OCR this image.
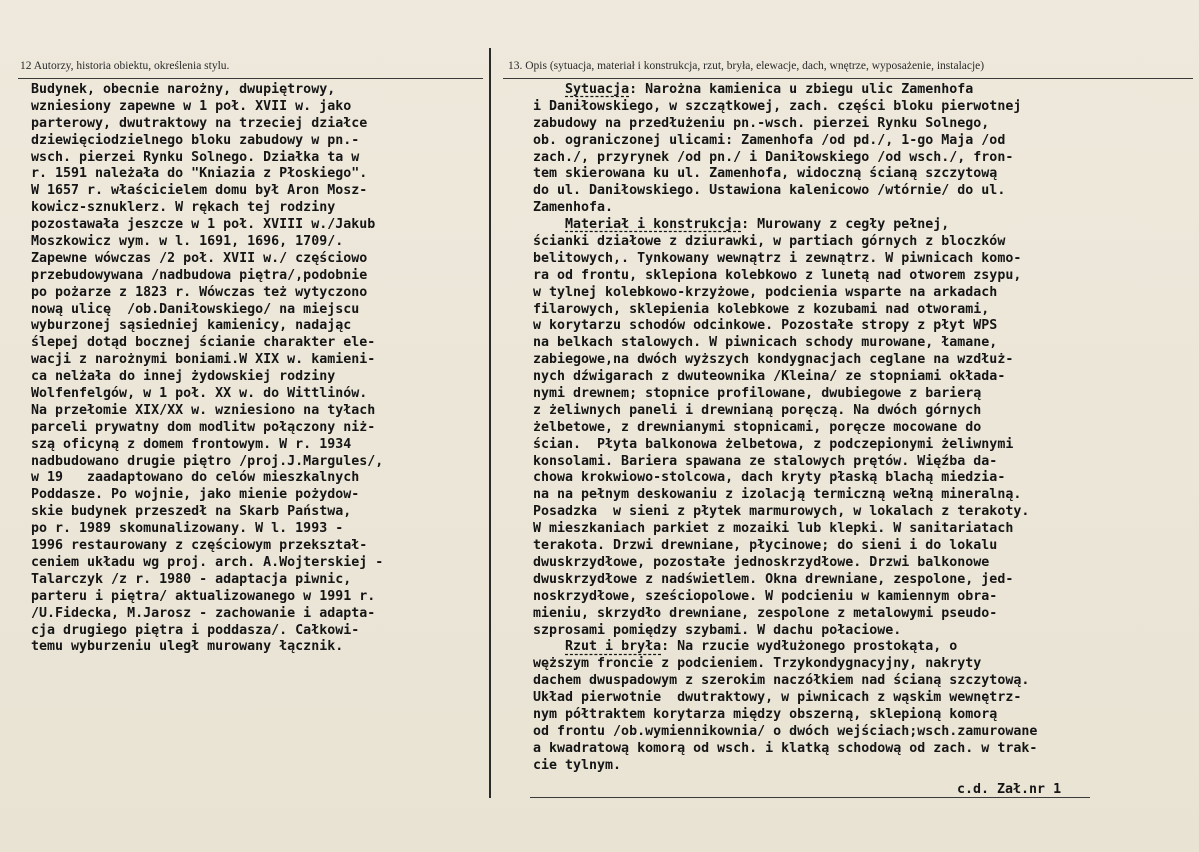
12 Autorzy, historia obiektu, określenia stylu.	13. Opis (sytuacja, materiał i konstrukcja, rzut, bryła, elewacje, dach, wnętrze, wyposażenie, instalacje)
Budynek, obecnie narożny, dwupiętrowy,
wzniesiony zapewne w 1 poł. XVII w. jako
parterowy, dwutraktowy na trzeciej działce
dziewięciodzielnego bloku zabudowy w pn.-
wsch. pierzei Rynku Solnego. Działka ta w
r. 1591 należała do "Kniazia z Płoskiego".
W 1657 r. właścicielem domu był Aron Mosz-
kowicz-sznuklerz. W rękach tej rodziny
pozostawała jeszcze w 1 poł. XVIII w./Jakub
Moszkowicz wym. w l. 1691, 1696, 1709/.
Zapewne wówczas /2 poł. XVII w./ częściowo
przebudowywana /nadbudowa piętra/,podobnie
po pożarze z 1823 r. Wówczas też wytyczono
nową ulicę  /ob.Daniłowskiego/ na miejscu
wyburzonej sąsiedniej kamienicy, nadając
ślepej dotąd bocznej ścianie charakter ele-
wacji z narożnymi boniami.W XIX w. kamieni-
ca nelżała do innej żydowskiej rodziny
Wolfenfelgów, w 1 poł. XX w. do Wittlinów.
Na przełomie XIX/XX w. wzniesiono na tyłach
parceli prywatny dom modlitw połączony niż-
szą oficyną z domem frontowym. W r. 1934
nadbudowano drugie piętro /proj.J.Margules/,
w 19   zaadaptowano do celów mieszkalnych
Poddasze. Po wojnie, jako mienie pożydow-
skie budynek przeszedł na Skarb Państwa,
po r. 1989 skomunalizowany. W l. 1993 -
1996 restaurowany z częściowym przekształ-
ceniem układu wg proj. arch. A.Wojterskiej -
Talarczyk /z r. 1980 - adaptacja piwnic,
parteru i piętra/ aktualizowanego w 1991 r.
/U.Fidecka, M.Jarosz - zachowanie i adapta-
cja drugiego piętra i poddasza/. Całkowi-
temu wyburzeniu uległ murowany łącznik.
Sytuacja: Narożna kamienica u zbiegu ulic Zamenhofa
i Daniłowskiego, w szczątkowej, zach. części bloku pierwotnej
zabudowy na przedłużeniu pn.-wsch. pierzei Rynku Solnego,
ob. ograniczonej ulicami: Zamenhofa /od pd./, 1-go Maja /od
zach./, przyrynek /od pn./ i Daniłowskiego /od wsch./, fron-
tem skierowana ku ul. Zamenhofa, widoczną ścianą szczytową
do ul. Daniłowskiego. Ustawiona kalenicowo /wtórnie/ do ul.
Zamenhofa.
Materiał i konstrukcja: Murowany z cegły pełnej,
ścianki działowe z dziurawki, w partiach górnych z bloczków
belitowych,. Tynkowany wewnątrz i zewnątrz. W piwnicach komo-
ra od frontu, sklepiona kolebkowo z lunetą nad otworem zsypu,
w tylnej kolebkowo-krzyżowe, podcienia wsparte na arkadach
filarowych, sklepienia kolebkowe z kozubami nad otworami,
w korytarzu schodów odcinkowe. Pozostałe stropy z płyt WPS
na belkach stalowych. W piwnicach schody murowane, łamane,
zabiegowe,na dwóch wyższych kondygnacjach ceglane na wzdłuż-
nych dźwigarach z dwuteownika /Kleina/ ze stopniami okłada-
nymi drewnem; stopnice profilowane, dwubiegowe z barierą
z żeliwnych paneli i drewnianą poręczą. Na dwóch górnych
żelbetowe, z drewnianymi stopnicami, poręcze mocowane do
ścian.  Płyta balkonowa żelbetowa, z podczepionymi żeliwnymi
konsolami. Bariera spawana ze stalowych prętów. Więźba da-
chowa krokwiowo-stolcowa, dach kryty płaską blachą miedzia-
na na pełnym deskowaniu z izolacją termiczną wełną mineralną.
Posadzka  w sieni z płytek marmurowych, w lokalach z terakoty.
W mieszkaniach parkiet z mozaiki lub klepki. W sanitariatach
terakota. Drzwi drewniane, płycinowe; do sieni i do lokalu
dwuskrzydłowe, pozostałe jednoskrzydłowe. Drzwi balkonowe
dwuskrzydłowe z nadświetlem. Okna drewniane, zespolone, jed-
noskrzydłowe, sześciopolowe. W podcieniu w kamiennym obra-
mieniu, skrzydło drewniane, zespolone z metalowymi pseudo-
szprosami pomiędzy szybami. W dachu połaciowe.
Rzut i bryła: Na rzucie wydłużonego prostokąta, o
węższym froncie z podcieniem. Trzykondygnacyjny, nakryty
dachem dwuspadowym z szerokim naczółkiem nad ścianą szczytową.
Układ pierwotnie  dwutraktowy, w piwnicach z wąskim wewnętrz-
nym półtraktem korytarza między obszerną, sklepioną komorą
od frontu /ob.wymiennikownia/ o dwóch wejściach;wsch.zamurowane
a kwadratową komorą od wsch. i klatką schodową od zach. w trak-
cie tylnym.
c.d. Zał.nr 1
